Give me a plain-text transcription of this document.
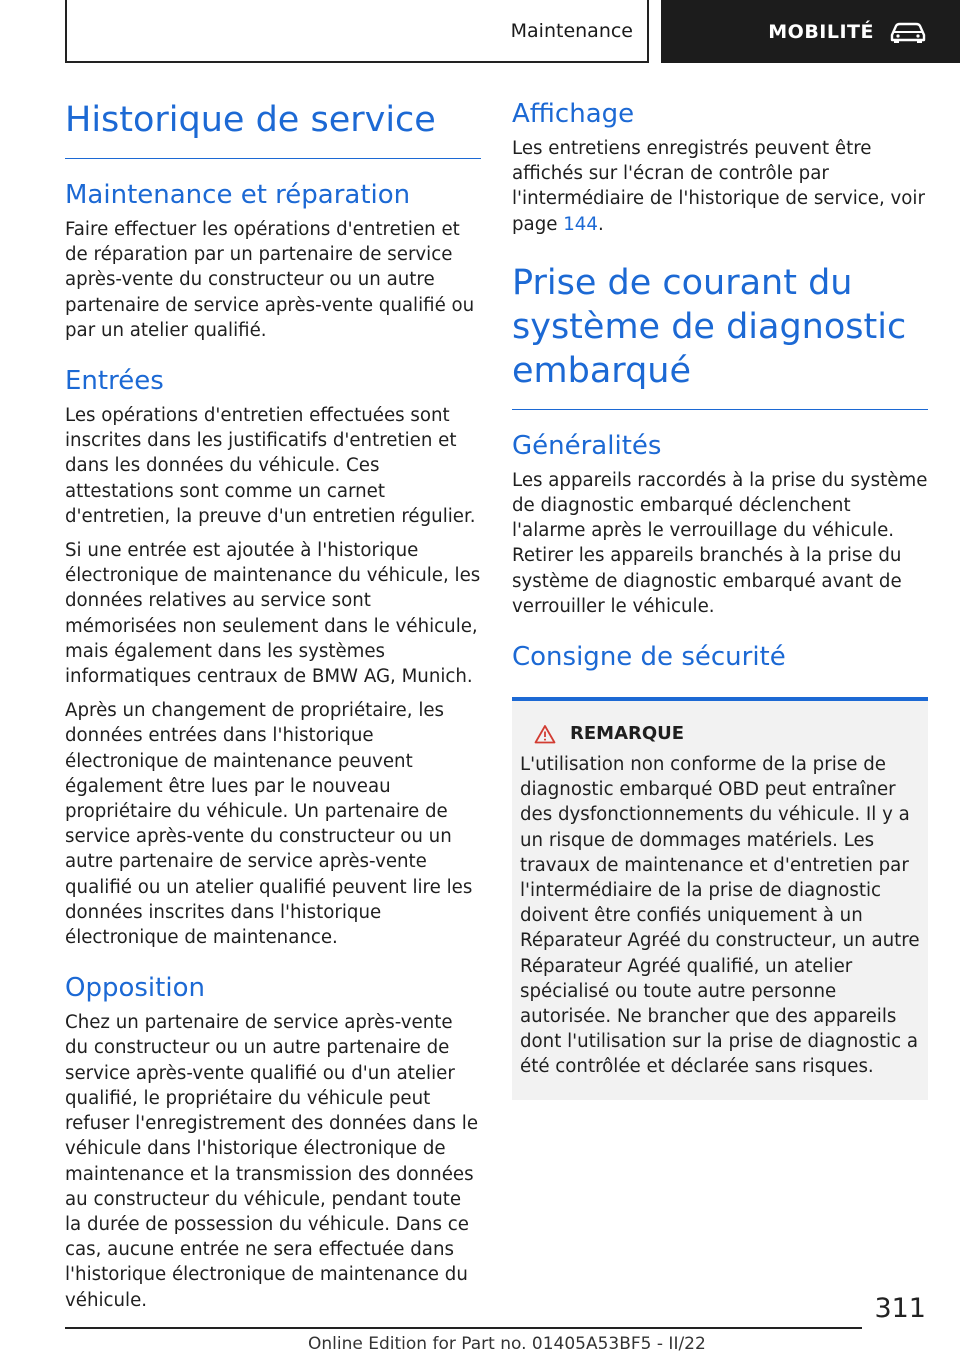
Maintenance	MOBILITÉ
Historique de service
Maintenance et réparation

Faire effectuer les opérations d'entretien et de réparation par un partenaire de service après-vente du constructeur ou un autre partenaire de service après-vente qualifié ou par un atelier qualifié.

Entrées

Les opérations d'entretien effectuées sont inscrites dans les justificatifs d'entretien et dans les données du véhicule. Ces attestations sont comme un carnet d'entretien, la preuve d'un entretien régulier.

Si une entrée est ajoutée à l'historique électronique de maintenance du véhicule, les données relatives au service sont mémorisées non seulement dans le véhicule, mais également dans les systèmes informatiques centraux de BMW AG, Munich.

Après un changement de propriétaire, les données entrées dans l'historique électronique de maintenance peuvent également être lues par le nouveau propriétaire du véhicule. Un partenaire de service après-vente du constructeur ou un autre partenaire de service après-vente qualifié ou un atelier qualifié peuvent lire les données inscrites dans l'historique électronique de maintenance.

Opposition

Chez un partenaire de service après-vente du constructeur ou un autre partenaire de service après-vente qualifié ou d'un atelier qualifié, le propriétaire du véhicule peut refuser l'enregistrement des données dans le véhicule dans l'historique électronique de maintenance et la transmission des données au constructeur du véhicule, pendant toute la durée de possession du véhicule. Dans ce cas, aucune entrée ne sera effectuée dans l'historique électronique de maintenance du véhicule.

Affichage

Les entretiens enregistrés peuvent être affichés sur l'écran de contrôle par l'intermédiaire de l'historique de service, voir page 144.

Prise de courant du système de diagnostic embarqué
Généralités

Les appareils raccordés à la prise du système de diagnostic embarqué déclenchent l'alarme après le verrouillage du véhicule. Retirer les appareils branchés à la prise du système de diagnostic embarqué avant de verrouiller le véhicule.

Consigne de sécurité
REMARQUE

L'utilisation non conforme de la prise de diagnostic embarqué OBD peut entraîner des dysfonctionnements du véhicule. Il y a un risque de dommages matériels. Les travaux de maintenance et d'entretien par l'intermédiaire de la prise de diagnostic doivent être confiés uniquement à un Réparateur Agréé du constructeur, un autre Réparateur Agréé qualifié, un atelier spécialisé ou toute autre personne autorisée. Ne brancher que des appareils dont l'utilisation sur la prise de diagnostic a été contrôlée et déclarée sans risques.

311
Online Edition for Part no. 01405A53BF5 - II/22
